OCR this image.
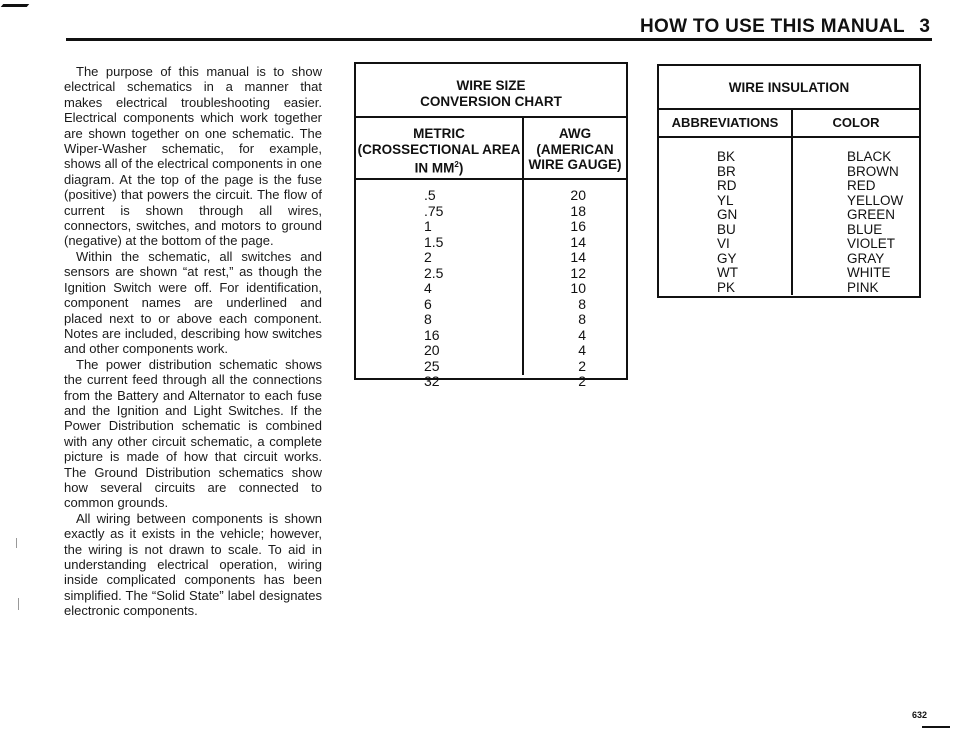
HOW TO USE THIS MANUAL 3

The purpose of this manual is to show electrical schematics in a manner that makes electrical troubleshooting easier. Electrical components which work together are shown together on one schematic. The Wiper-Washer schematic, for example, shows all of the electrical components in one diagram. At the top of the page is the fuse (positive) that powers the circuit. The flow of current is shown through all wires, connectors, switches, and motors to ground (negative) at the bottom of the page.

Within the schematic, all switches and sensors are shown “at rest,” as though the Ignition Switch were off. For identification, component names are underlined and placed next to or above each component. Notes are included, describing how switches and other components work.

The power distribution schematic shows the current feed through all the connections from the Battery and Alternator to each fuse and the Ignition and Light Switches. If the Power Distribution schematic is combined with any other circuit schematic, a complete picture is made of how that circuit works. The Ground Distribution schematics show how several circuits are connected to common grounds.

All wiring between components is shown exactly as it exists in the vehicle; however, the wiring is not drawn to scale. To aid in understanding electrical operation, wiring inside complicated components has been simplified. The “Solid State” label designates electronic components.

WIRE SIZE
CONVERSION CHART
METRIC
(CROSSECTIONAL AREA
IN $MM^2$)
AWG
(AMERICAN
WIRE GAUGE)
.5
.75
1
1.5
2
2.5
4
6
8
16
20
25
32
20
18
16
14
14
12
10
8
8
4
4
2
2
WIRE INSULATION
ABBREVIATIONS	COLOR
BK
BR
RD
YL
GN
BU
VI
GY
WT
PK
BLACK
BROWN
RED
YELLOW
GREEN
BLUE
VIOLET
GRAY
WHITE
PINK
632
